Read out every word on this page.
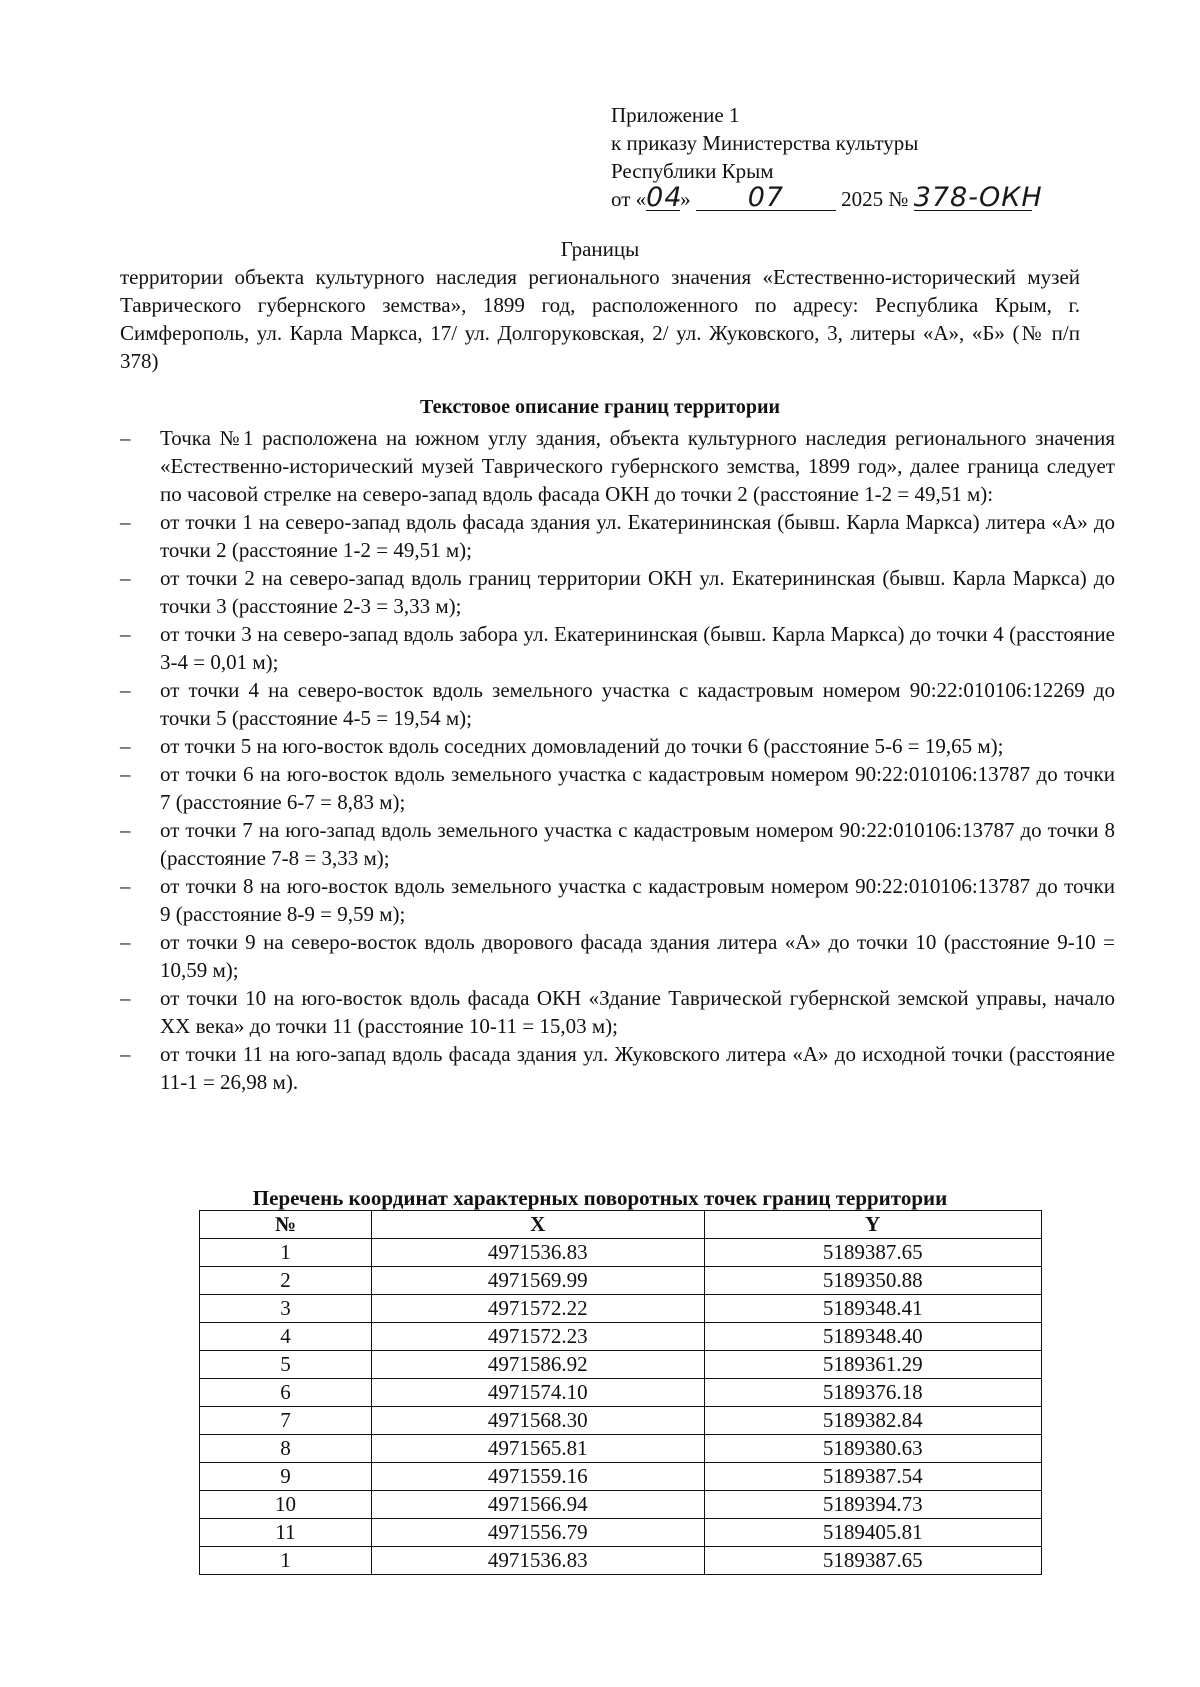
Приложение 1
к приказу Министерства культуры
Республики Крым
от «04» 07	2025 № 378-ОКН
Границы
территории объекта культурного наследия регионального значения «Естественно-исторический музей Таврического губернского земства», 1899 год, расположенного по адресу: Республика Крым, г. Симферополь, ул. Карла Маркса, 17/ ул. Долгоруковская, 2/ ул. Жуковского, 3, литеры «А», «Б» (№ п/п 378)
Текстовое описание границ территории
– Точка №1 расположена на южном углу здания, объекта культурного наследия регионального значения «Естественно-исторический музей Таврического губернского земства, 1899 год», далее граница следует по часовой стрелке на северо-запад вдоль фасада ОКН до точки 2 (расстояние 1-2 = 49,51 м):
– от точки 1 на северо-запад вдоль фасада здания ул. Екатерининская (бывш. Карла Маркса) литера «А» до точки 2 (расстояние 1-2 = 49,51 м);
– от точки 2 на северо-запад вдоль границ территории ОКН ул. Екатерининская (бывш. Карла Маркса) до точки 3 (расстояние 2-3 = 3,33 м);
– от точки 3 на северо-запад вдоль забора ул. Екатерининская (бывш. Карла Маркса) до точки 4 (расстояние 3-4 = 0,01 м);
– от точки 4 на северо-восток вдоль земельного участка с кадастровым номером 90:22:010106:12269 до точки 5 (расстояние 4-5 = 19,54 м);
– от точки 5 на юго-восток вдоль соседних домовладений до точки 6 (расстояние 5-6 = 19,65 м);
– от точки 6 на юго-восток вдоль земельного участка с кадастровым номером 90:22:010106:13787 до точки 7 (расстояние 6-7 = 8,83 м);
– от точки 7 на юго-запад вдоль земельного участка с кадастровым номером 90:22:010106:13787 до точки 8 (расстояние 7-8 = 3,33 м);
– от точки 8 на юго-восток вдоль земельного участка с кадастровым номером 90:22:010106:13787 до точки 9 (расстояние 8-9 = 9,59 м);
– от точки 9 на северо-восток вдоль дворового фасада здания литера «А» до точки 10 (расстояние 9-10 = 10,59 м);
– от точки 10 на юго-восток вдоль фасада ОКН «Здание Таврической губернской земской управы, начало XX века» до точки 11 (расстояние 10-11 = 15,03 м);
– от точки 11 на юго-запад вдоль фасада здания ул. Жуковского литера «А» до исходной точки (расстояние 11-1 = 26,98 м).
Перечень координат характерных поворотных точек границ территории
№	X	Y
1	4971536.83	5189387.65
2	4971569.99	5189350.88
3	4971572.22	5189348.41
4	4971572.23	5189348.40
5	4971586.92	5189361.29
6	4971574.10	5189376.18
7	4971568.30	5189382.84
8	4971565.81	5189380.63
9	4971559.16	5189387.54
10	4971566.94	5189394.73
11	4971556.79	5189405.81
1	4971536.83	5189387.65
